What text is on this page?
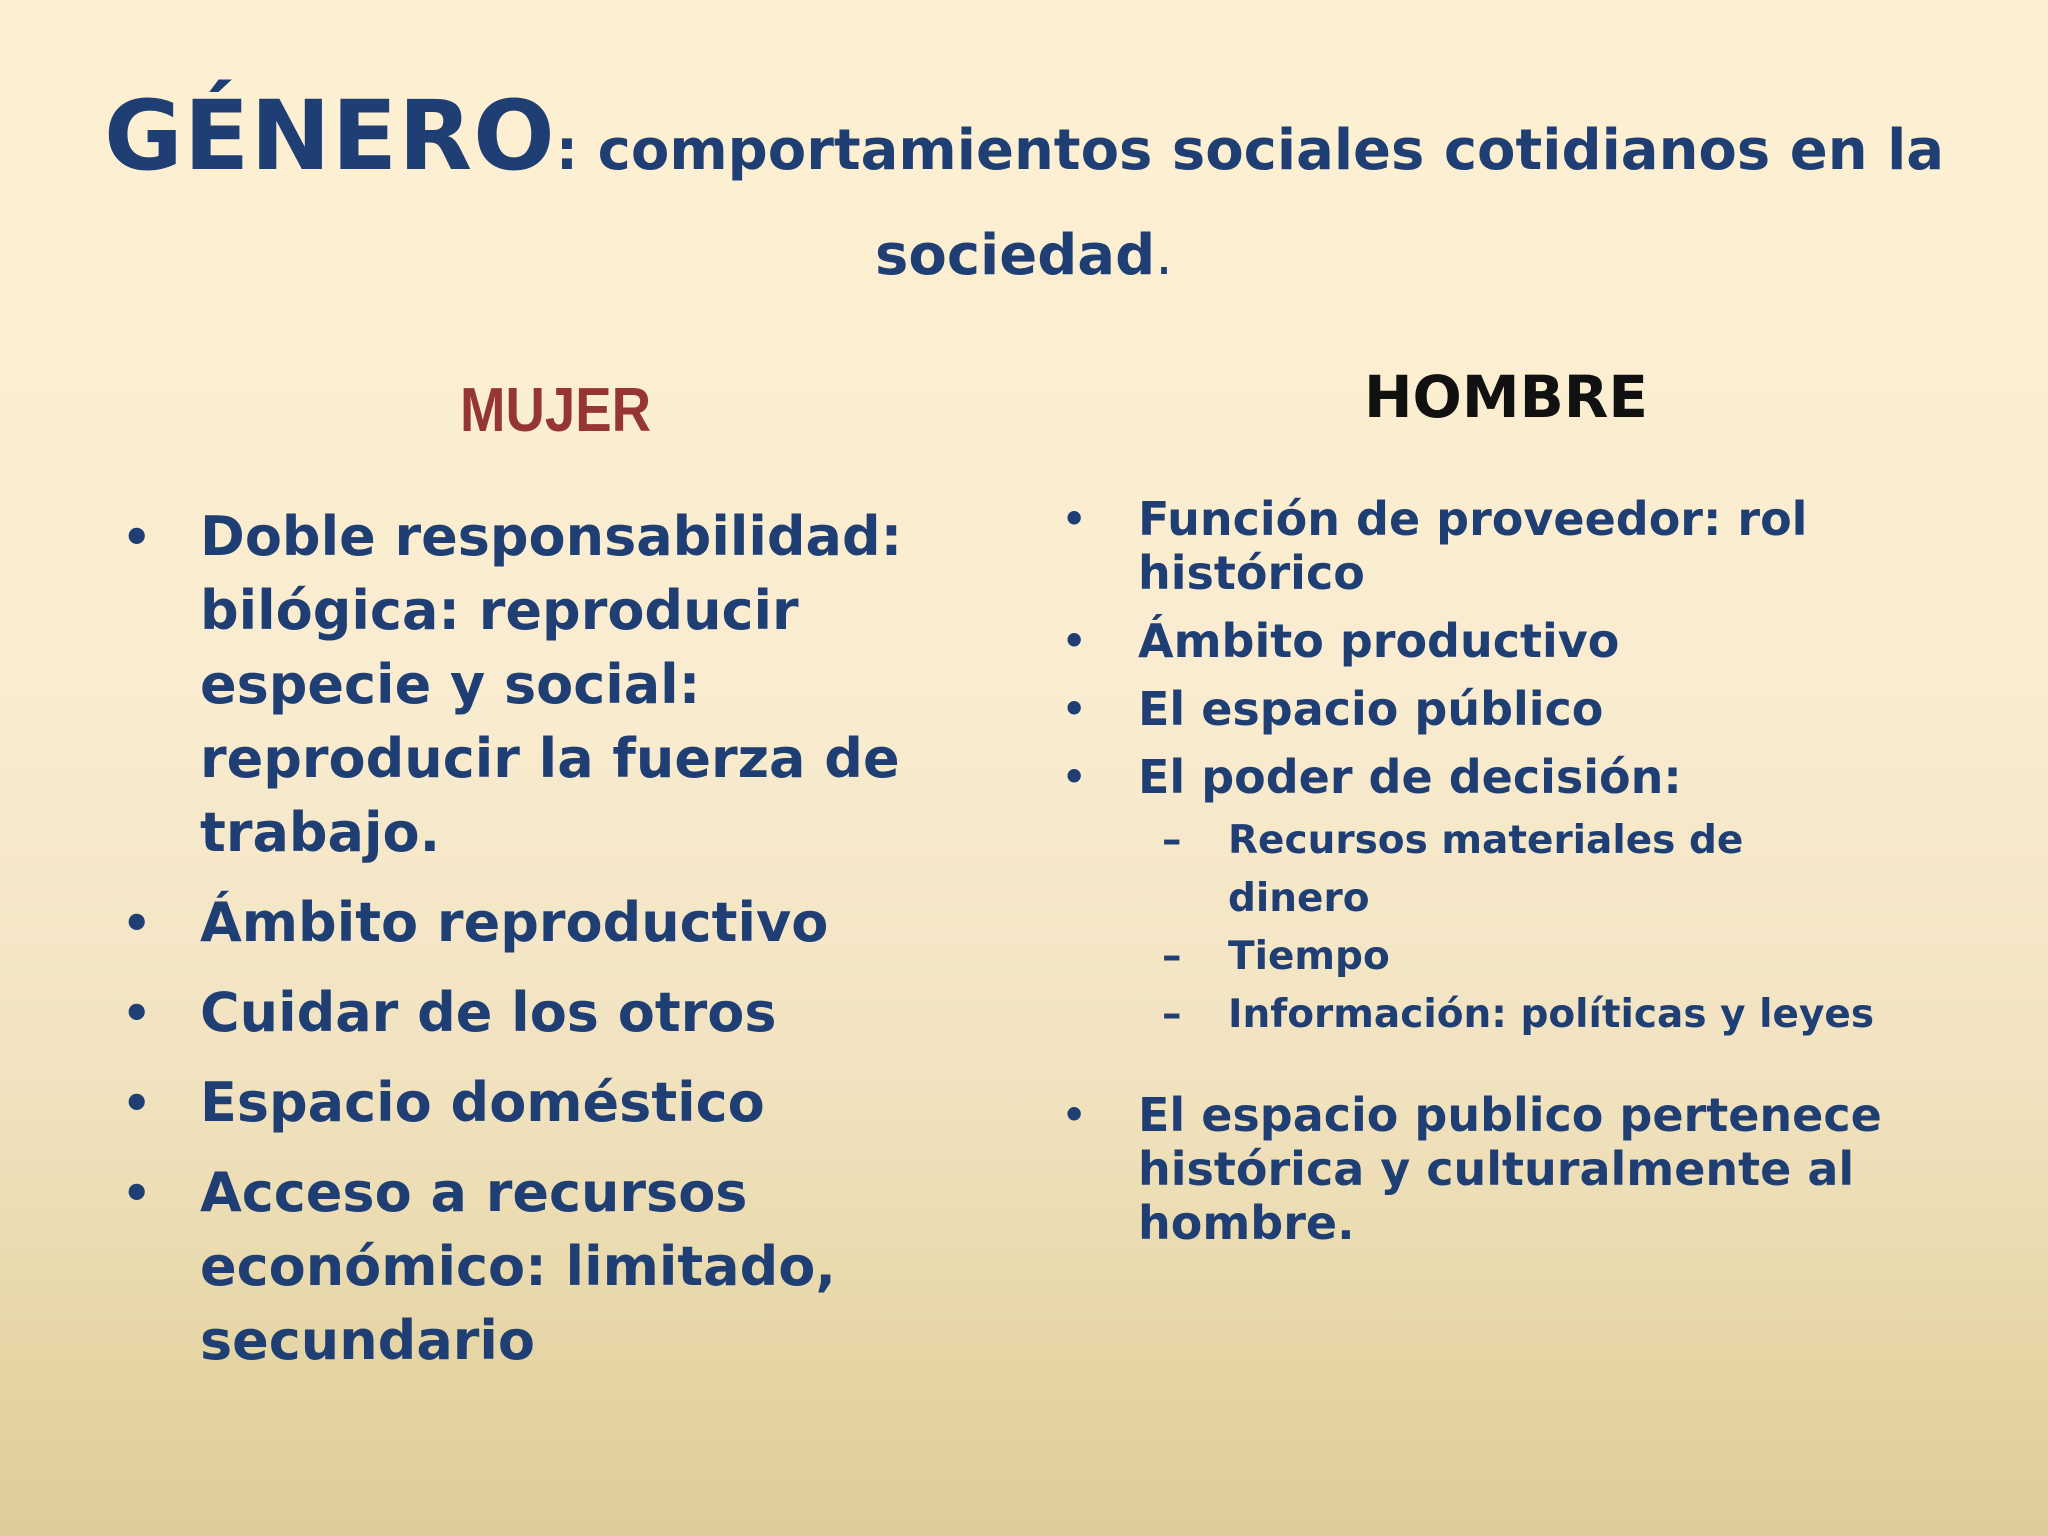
GÉNERO: comportamientos sociales cotidianos en la sociedad.
MUJER	HOMBRE
• Doble responsabilidad: bilógica: reproducir especie y social: reproducir la fuerza de trabajo.
• Ámbito reproductivo
• Cuidar de los otros
• Espacio doméstico
• Acceso a recursos económico: limitado, secundario
• Función de proveedor: rol histórico
• Ámbito productivo
• El espacio público
• El poder de decisión:
– Recursos materiales de dinero
– Tiempo
– Información: políticas y leyes
• El espacio publico pertenece histórica y culturalmente al hombre.
